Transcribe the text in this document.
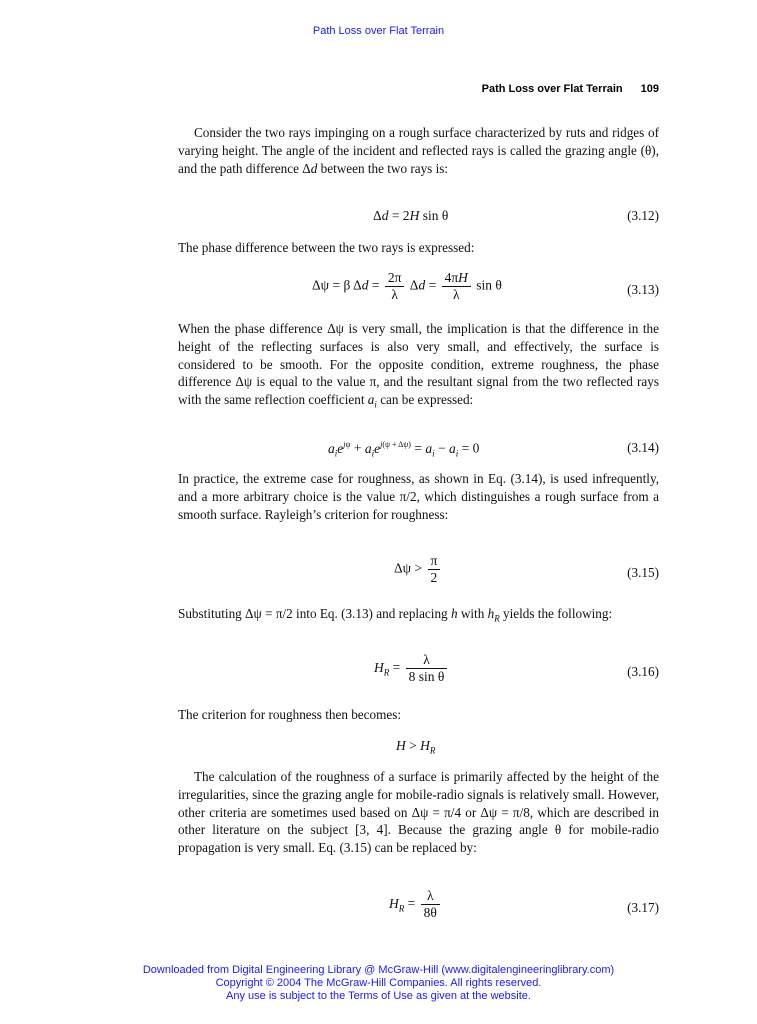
Path Loss over Flat Terrain
Path Loss over Flat Terrain 109
Consider the two rays impinging on a rough surface characterized by ruts and ridges of varying height. The angle of the incident and reflected rays is called the grazing angle (θ), and the path difference Δd between the two rays is:
Δd = 2H sin θ	(3.12)
The phase difference between the two rays is expressed:
Δψ = β $\Delta d = \frac{2\pi}{\lambda}$ $\Delta d = \frac{4\pi H}{\lambda}$ sin θ	(3.13)
When the phase difference Δψ is very small, the implication is that the difference in the height of the reflecting surfaces is also very small, and effectively, the surface is considered to be smooth. For the opposite condition, extreme roughness, the phase difference Δψ is equal to the value π, and the resultant signal from the two reflected rays with the same reflection coefficient $a_i$ can be expressed:
$a_ie^{j\psi} + a_ie^{j(\psi + \Delta\psi)} = a_i - a_i = 0$	(3.14)
In practice, the extreme case for roughness, as shown in Eq. (3.14), is used infrequently, and a more arbitrary choice is the value π/2, which distinguishes a rough surface from a smooth surface. Rayleigh’s criterion for roughness:
$\Delta\psi > \frac{\pi}{2}$	(3.15)
Substituting Δψ = π/2 into Eq. (3.13) and replacing h with $h_R$ yields the following:
$H_R = \frac{\lambda}{\text{8 sin θ}}$	(3.16)
The criterion for roughness then becomes:
$H > H_R$
The calculation of the roughness of a surface is primarily affected by the height of the irregularities, since the grazing angle for mobile-radio signals is relatively small. However, other criteria are sometimes used based on Δψ = π/4 or Δψ = π/8, which are described in other literature on the subject [3, 4]. Because the grazing angle θ for mobile-radio propagation is very small. Eq. (3.15) can be replaced by:
$H_R = \frac{\lambda}{8\theta}$	(3.17)
Downloaded from Digital Engineering Library @ McGraw-Hill (www.digitalengineeringlibrary.com)
Copyright © 2004 The McGraw-Hill Companies. All rights reserved.
Any use is subject to the Terms of Use as given at the website.
